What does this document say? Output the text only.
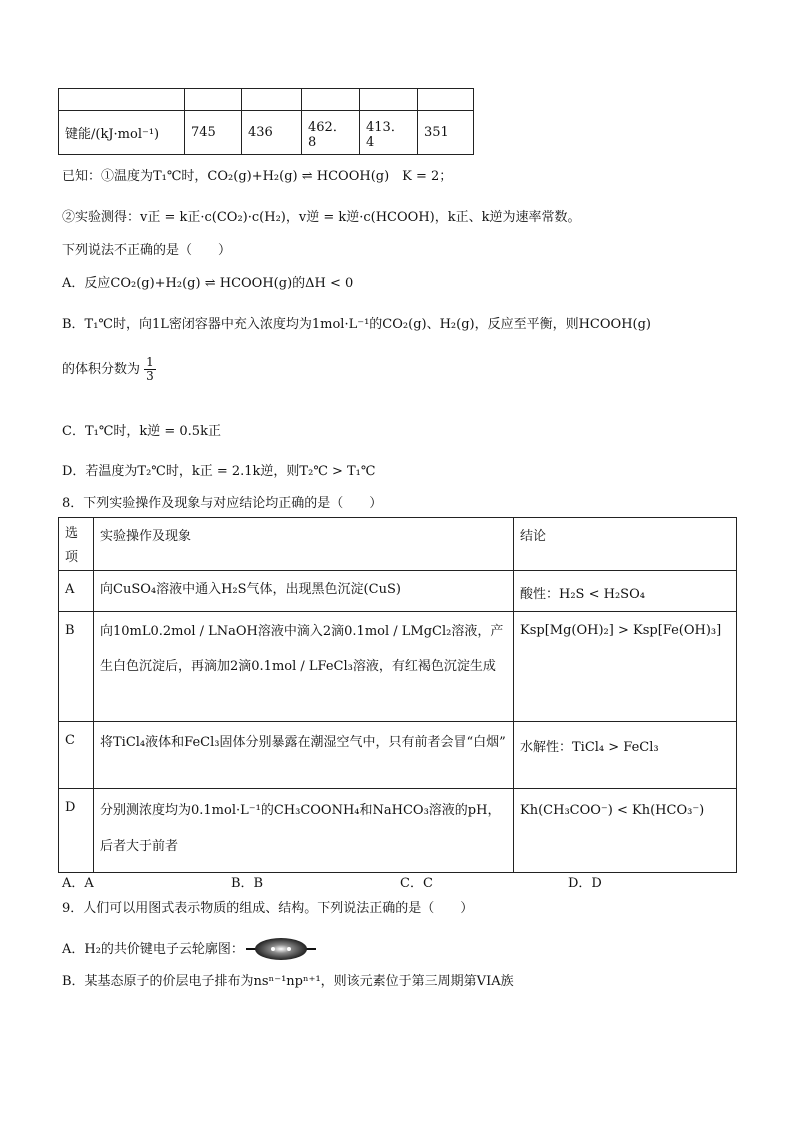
键能/(kJ·mol⁻¹)	745	436	462．8	413．4	351
已知：①温度为T₁℃时，CO₂(g)+H₂(g) ⇌ HCOOH(g)　K = 2；
②实验测得：v正 = k正·c(CO₂)·c(H₂)，v逆 = k逆·c(HCOOH)，k正、k逆为速率常数。
下列说法不正确的是（　　）
A．反应CO₂(g)+H₂(g) ⇌ HCOOH(g)的ΔH < 0
B．T₁℃时，向1L密闭容器中充入浓度均为1mol·L⁻¹的CO₂(g)、H₂(g)，反应至平衡，则HCOOH(g)
的体积分数为 $\frac{1}{3}$
C．T₁℃时，k逆 = 0.5k正
D．若温度为T₂℃时，k正 = 2.1k逆，则T₂℃ > T₁℃
8．下列实验操作及现象与对应结论均正确的是（　　）
选项	实验操作及现象	结论
A	向CuSO₄溶液中通入H₂S气体，出现黑色沉淀(CuS)	酸性：H₂S < H₂SO₄
B	向10mL0.2mol / LNaOH溶液中滴入2滴0.1mol / LMgCl₂溶液，产生白色沉淀后，再滴加2滴0.1mol / LFeCl₃溶液，有红褐色沉淀生成	Ksp[Mg(OH)₂] > Ksp[Fe(OH)₃]
C	将TiCl₄液体和FeCl₃固体分别暴露在潮湿空气中，只有前者会冒“白烟”	水解性：TiCl₄ > FeCl₃
D	分别测浓度均为0.1mol·L⁻¹的CH₃COONH₄和NaHCO₃溶液的pH，后者大于前者	Kh(CH₃COO⁻) < Kh(HCO₃⁻)
A．A	B．B	C．C	D．D
9．人们可以用图式表示物质的组成、结构。下列说法正确的是（　　）
A．H₂的共价键电子云轮廓图：
B．某基态原子的价层电子排布为nsⁿ⁻¹npⁿ⁺¹，则该元素位于第三周期第VIA族
